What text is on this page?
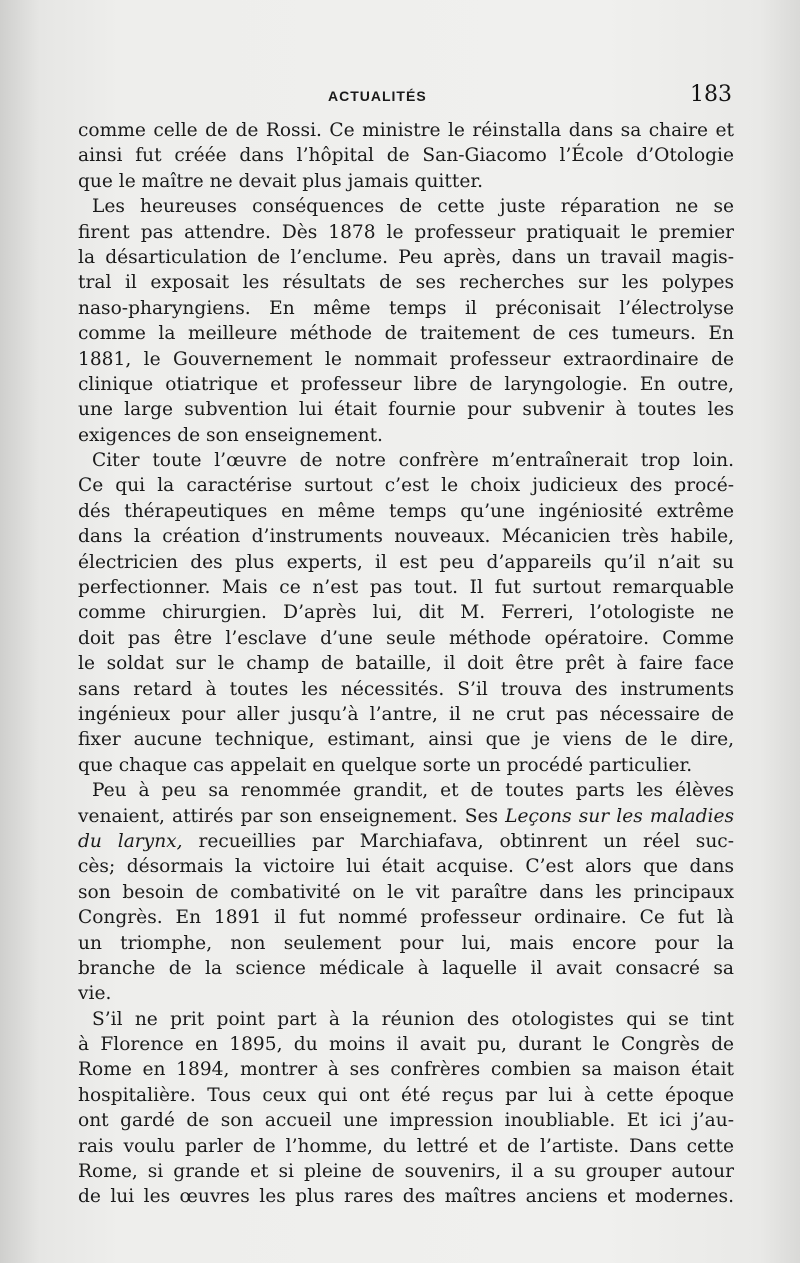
ACTUALITÉS	183
comme celle de de Rossi. Ce ministre le réinstalla dans sa chaire et
ainsi fut créée dans l’hôpital de San-Giacomo l’École d’Otologie
que le maître ne devait plus jamais quitter.
Les heureuses conséquences de cette juste réparation ne se
firent pas attendre. Dès 1878 le professeur pratiquait le premier
la désarticulation de l’enclume. Peu après, dans un travail magis-
tral il exposait les résultats de ses recherches sur les polypes
naso-pharyngiens. En même temps il préconisait l’électrolyse
comme la meilleure méthode de traitement de ces tumeurs. En
1881, le Gouvernement le nommait professeur extraordinaire de
clinique otiatrique et professeur libre de laryngologie. En outre,
une large subvention lui était fournie pour subvenir à toutes les
exigences de son enseignement.
Citer toute l’œuvre de notre confrère m’entraînerait trop loin.
Ce qui la caractérise surtout c’est le choix judicieux des procé-
dés thérapeutiques en même temps qu’une ingéniosité extrême
dans la création d’instruments nouveaux. Mécanicien très habile,
électricien des plus experts, il est peu d’appareils qu’il n’ait su
perfectionner. Mais ce n’est pas tout. Il fut surtout remarquable
comme chirurgien. D’après lui, dit M. Ferreri, l’otologiste ne
doit pas être l’esclave d’une seule méthode opératoire. Comme
le soldat sur le champ de bataille, il doit être prêt à faire face
sans retard à toutes les nécessités. S’il trouva des instruments
ingénieux pour aller jusqu’à l’antre, il ne crut pas nécessaire de
fixer aucune technique, estimant, ainsi que je viens de le dire,
que chaque cas appelait en quelque sorte un procédé particulier.
Peu à peu sa renommée grandit, et de toutes parts les élèves
venaient, attirés par son enseignement. Ses Leçons sur les maladies
du larynx, recueillies par Marchiafava, obtinrent un réel suc-
cès; désormais la victoire lui était acquise. C’est alors que dans
son besoin de combativité on le vit paraître dans les principaux
Congrès. En 1891 il fut nommé professeur ordinaire. Ce fut là
un triomphe, non seulement pour lui, mais encore pour la
branche de la science médicale à laquelle il avait consacré sa
vie.
S’il ne prit point part à la réunion des otologistes qui se tint
à Florence en 1895, du moins il avait pu, durant le Congrès de
Rome en 1894, montrer à ses confrères combien sa maison était
hospitalière. Tous ceux qui ont été reçus par lui à cette époque
ont gardé de son accueil une impression inoubliable. Et ici j’au-
rais voulu parler de l’homme, du lettré et de l’artiste. Dans cette
Rome, si grande et si pleine de souvenirs, il a su grouper autour
de lui les œuvres les plus rares des maîtres anciens et modernes.
